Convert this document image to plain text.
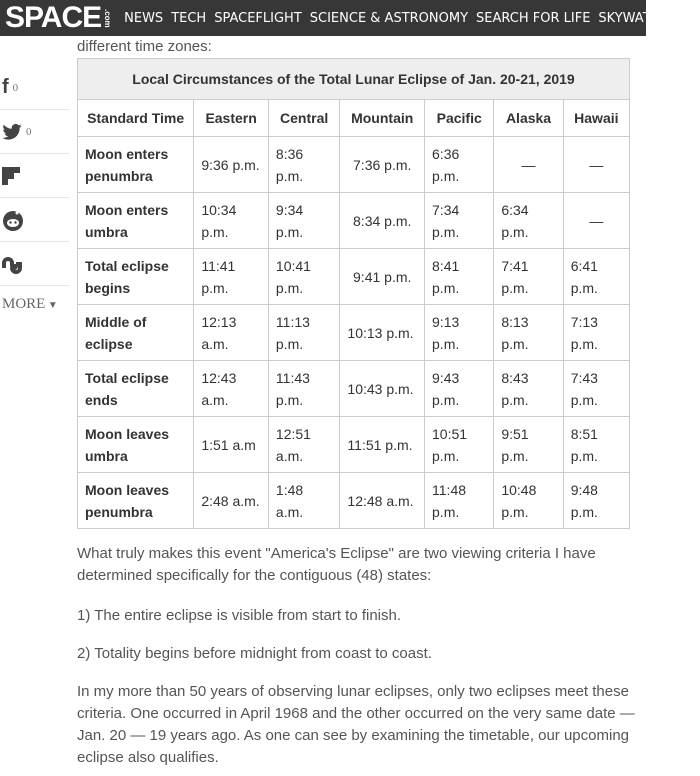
SPACE .com NEWS TECH SPACEFLIGHT SCIENCE & ASTRONOMY SEARCH FOR LIFE SKYWATCHING
different time zones:
f 0
0
MORE ▼
Local Circumstances of the Total Lunar Eclipse of Jan. 20-21, 2019						
Standard Time	Eastern	Central	Mountain	Pacific	Alaska	Hawaii
Moon enters penumbra	9:36 p.m.	8:36 p.m.	7:36 p.m.	6:36 p.m.	—	—
Moon enters umbra	10:34 p.m.	9:34 p.m.	8:34 p.m.	7:34 p.m.	6:34 p.m.	—
Total eclipse begins	11:41 p.m.	10:41 p.m.	9:41 p.m.	8:41 p.m.	7:41 p.m.	6:41 p.m.
Middle of eclipse	12:13 a.m.	11:13 p.m.	10:13 p.m.	9:13 p.m.	8:13 p.m.	7:13 p.m.
Total eclipse ends	12:43 a.m.	11:43 p.m.	10:43 p.m.	9:43 p.m.	8:43 p.m.	7:43 p.m.
Moon leaves umbra	1:51 a.m	12:51 a.m.	11:51 p.m.	10:51 p.m.	9:51 p.m.	8:51 p.m.
Moon leaves penumbra	2:48 a.m.	1:48 a.m.	12:48 a.m.	11:48 p.m.	10:48 p.m.	9:48 p.m.

What truly makes this event "America's Eclipse" are two viewing criteria I have determined specifically for the contiguous (48) states:

1) The entire eclipse is visible from start to finish.

2) Totality begins before midnight from coast to coast.

In my more than 50 years of observing lunar eclipses, only two eclipses meet these criteria. One occurred in April 1968 and the other occurred on the very same date — Jan. 20 — 19 years ago. As one can see by examining the timetable, our upcoming eclipse also qualifies.
